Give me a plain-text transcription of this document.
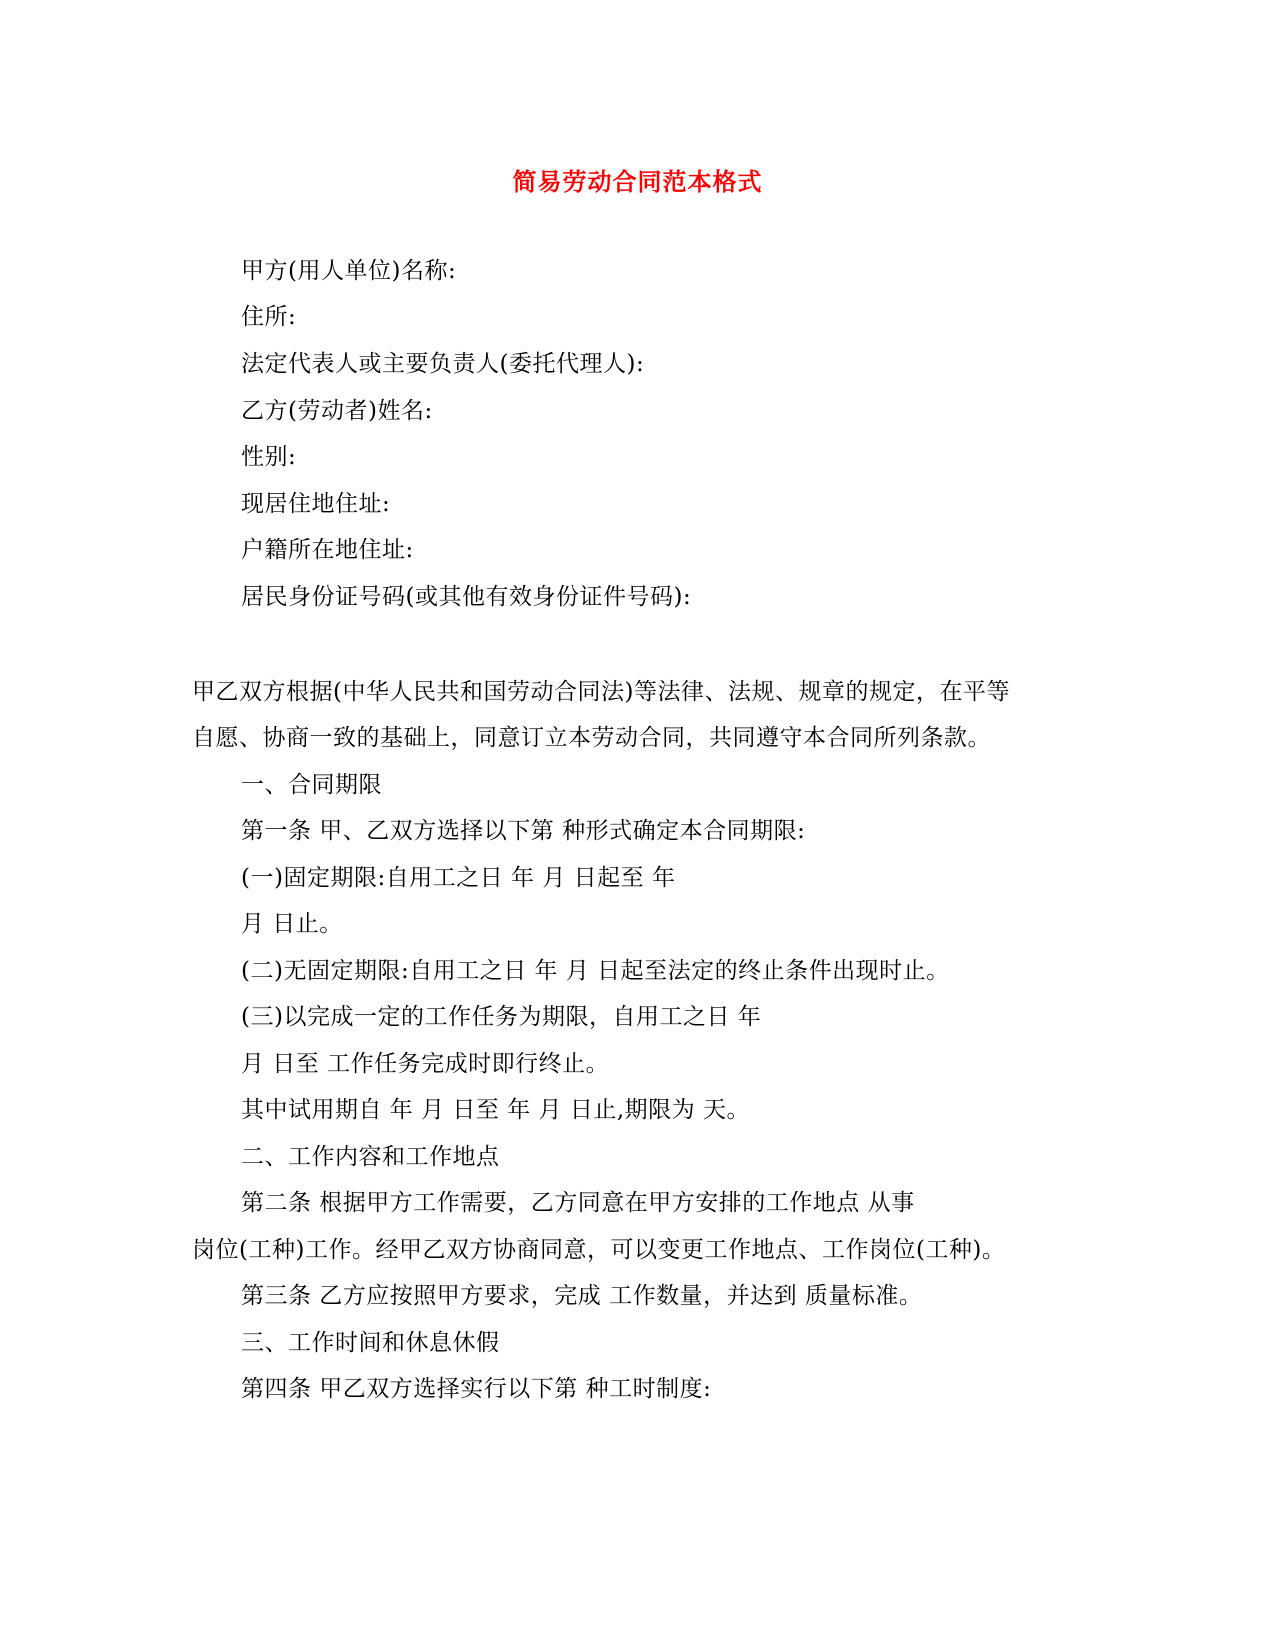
简易劳动合同范本格式
甲方(用人单位)名称:
住所:
法定代表人或主要负责人(委托代理人):
乙方(劳动者)姓名:
性别:
现居住地住址:
户籍所在地住址:
居民身份证号码(或其他有效身份证件号码):
甲乙双方根据(中华人民共和国劳动合同法)等法律、法规、规章的规定，在平等
自愿、协商一致的基础上，同意订立本劳动合同，共同遵守本合同所列条款。
一、合同期限
第一条 甲、乙双方选择以下第 种形式确定本合同期限:
(一)固定期限:自用工之日 年 月 日起至 年
月 日止。
(二)无固定期限:自用工之日 年 月 日起至法定的终止条件出现时止。
(三)以完成一定的工作任务为期限，自用工之日 年
月 日至 工作任务完成时即行终止。
其中试用期自 年 月 日至 年 月 日止,期限为 天。
二、工作内容和工作地点
第二条 根据甲方工作需要，乙方同意在甲方安排的工作地点 从事
岗位(工种)工作。经甲乙双方协商同意，可以变更工作地点、工作岗位(工种)。
第三条 乙方应按照甲方要求，完成 工作数量，并达到 质量标准。
三、工作时间和休息休假
第四条 甲乙双方选择实行以下第 种工时制度:
